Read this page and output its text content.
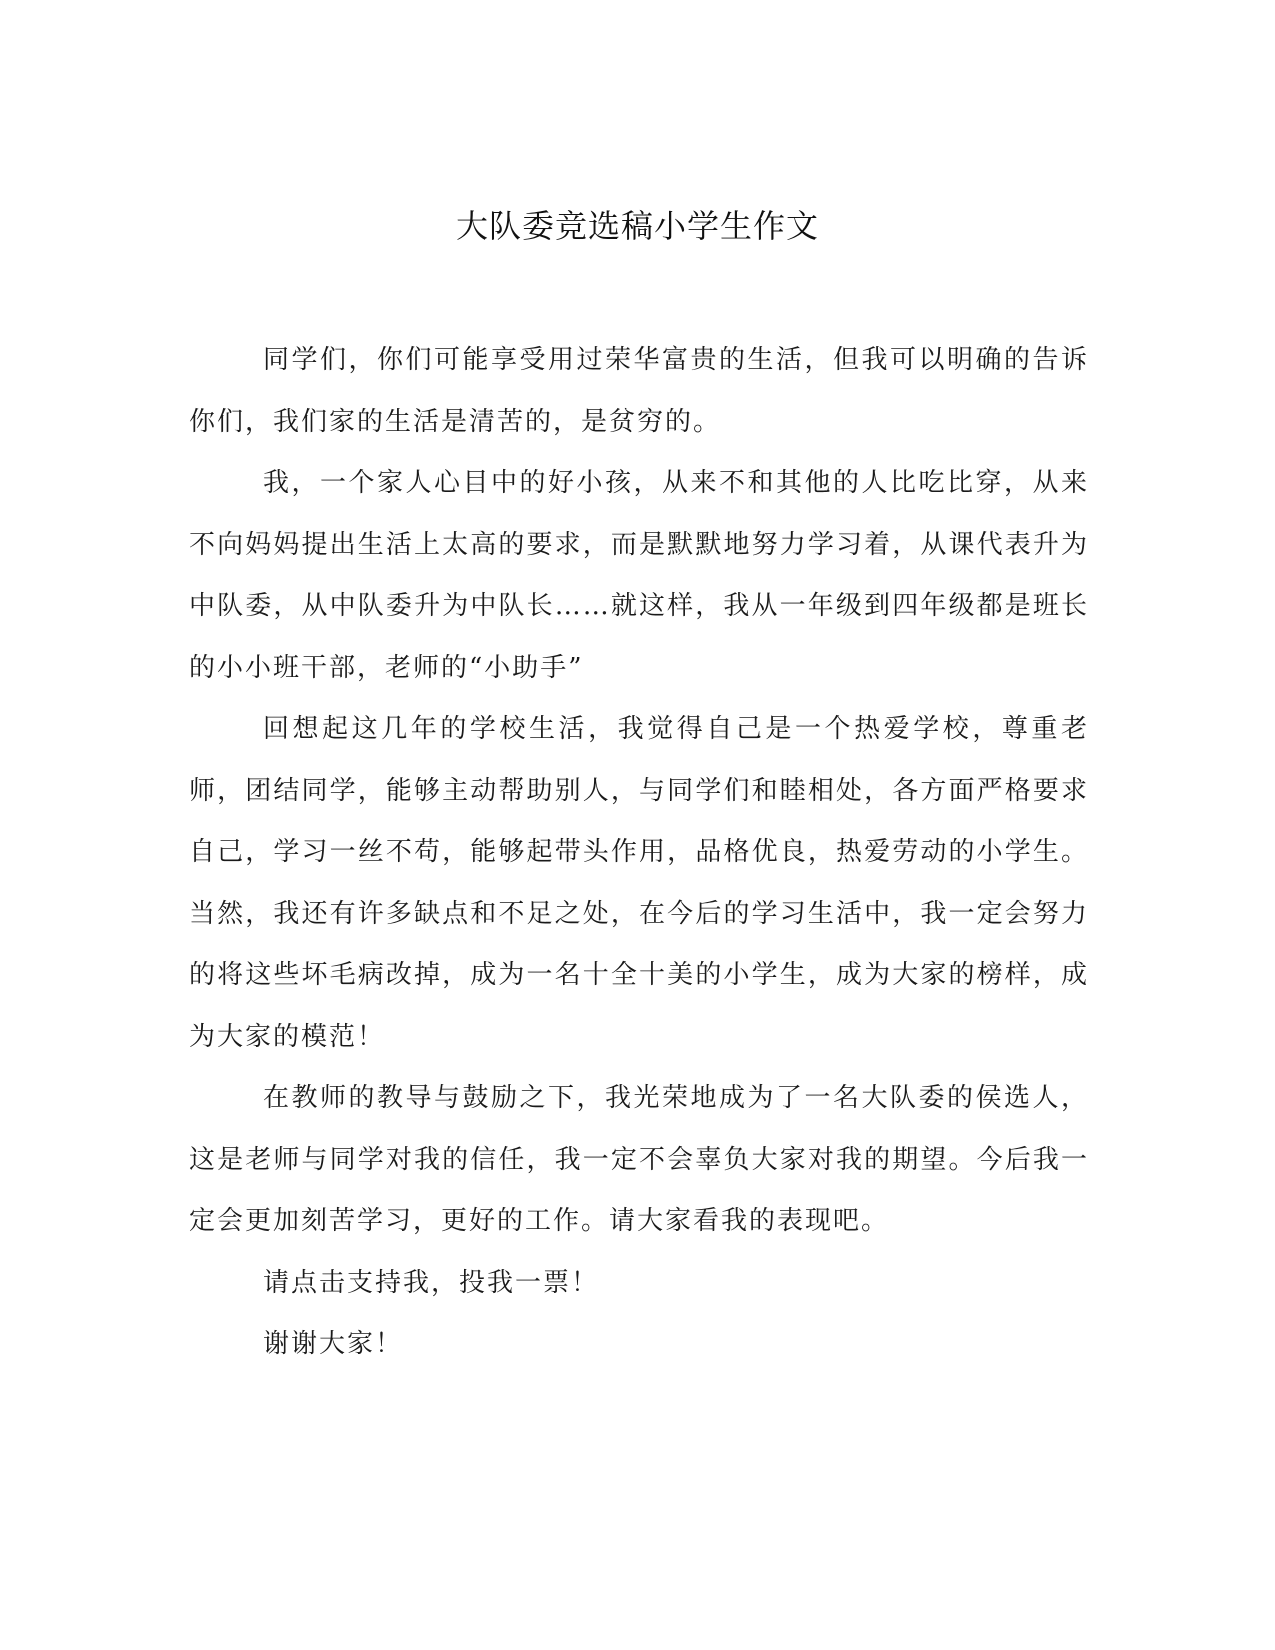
大队委竞选稿小学生作文

同学们，你们可能享受用过荣华富贵的生活，但我可以明确的告诉你们，我们家的生活是清苦的，是贫穷的。

我，一个家人心目中的好小孩，从来不和其他的人比吃比穿，从来不向妈妈提出生活上太高的要求，而是默默地努力学习着，从课代表升为中队委，从中队委升为中队长……就这样，我从一年级到四年级都是班长的小小班干部，老师的“小助手”

回想起这几年的学校生活，我觉得自己是一个热爱学校，尊重老师，团结同学，能够主动帮助别人，与同学们和睦相处，各方面严格要求自己，学习一丝不苟，能够起带头作用，品格优良，热爱劳动的小学生。当然，我还有许多缺点和不足之处，在今后的学习生活中，我一定会努力的将这些坏毛病改掉，成为一名十全十美的小学生，成为大家的榜样，成为大家的模范！

在教师的教导与鼓励之下，我光荣地成为了一名大队委的侯选人，这是老师与同学对我的信任，我一定不会辜负大家对我的期望。今后我一定会更加刻苦学习，更好的工作。请大家看我的表现吧。

请点击支持我，投我一票！

谢谢大家！
